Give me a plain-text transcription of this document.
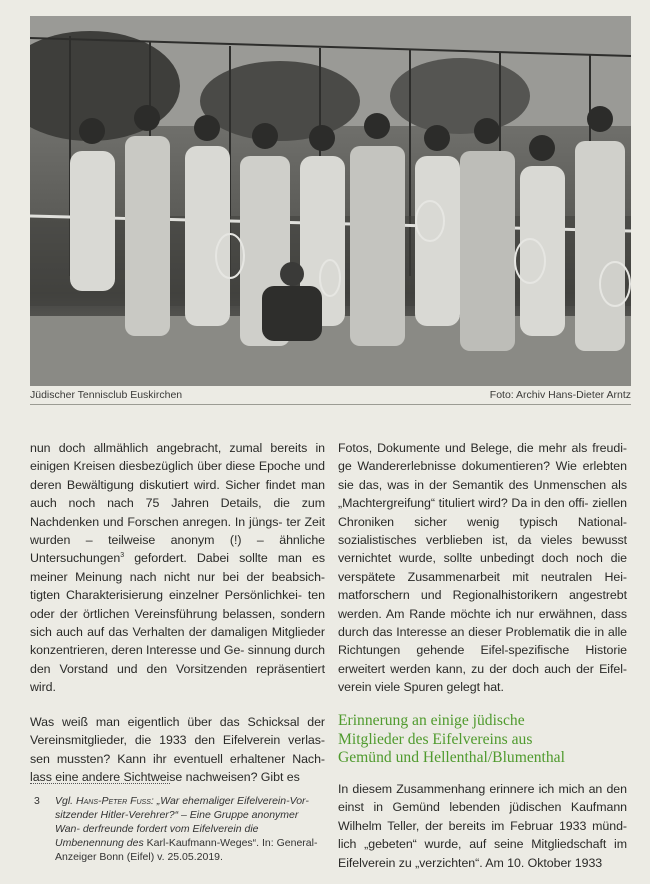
Jüdischer Tennisclub Euskirchen	Foto: Archiv Hans-Dieter Arntz

nun doch allmählich angebracht, zumal bereits in einigen Kreisen diesbezüglich über diese Epoche und deren Bewältigung diskutiert wird. Sicher findet man auch noch nach 75 Jahren Details, die zum Nachdenken und Forschen anregen. In jüngs- ter Zeit wurden – teilweise anonym (!) – ähnliche Untersuchungen$^3$ gefordert. Dabei sollte man es meiner Meinung nach nicht nur bei der beabsich- tigten Charakterisierung einzelner Persönlichkei- ten oder der örtlichen Vereinsführung belassen, sondern sich auch auf das Verhalten der damaligen Mitglieder konzentrieren, deren Interesse und Ge- sinnung durch den Vorstand und den Vorsitzenden repräsentiert wird.

Was weiß man eigentlich über das Schicksal der Vereinsmitglieder, die 1933 den Eifelverein verlas- sen mussten? Kann ihr eventuell erhaltener Nach- lass eine andere Sichtweise nachweisen? Gibt es

3 Vgl. Hans-Peter Fuss: „War ehemaliger Eifelverein-Vor- sitzender Hitler-Verehrer?“ – Eine Gruppe anonymer Wan- derfreunde fordert vom Eifelverein die Umbenennung des Karl-Kaufmann-Weges“. In: General-Anzeiger Bonn (Eifel) v. 25.05.2019.

Fotos, Dokumente und Belege, die mehr als freudi- ge Wandererlebnisse dokumentieren? Wie erlebten sie das, was in der Semantik des Unmenschen als „Machtergreifung“ tituliert wird? Da in den offi- ziellen Chroniken sicher wenig typisch National- sozialistisches verblieben ist, da vieles bewusst vernichtet wurde, sollte unbedingt doch noch die verspätete Zusammenarbeit mit neutralen Hei- matforschern und Regionalhistorikern angestrebt werden. Am Rande möchte ich nur erwähnen, dass durch das Interesse an dieser Problematik die in alle Richtungen gehende Eifel-spezifische Historie erweitert werden kann, zu der doch auch der Eifel- verein viele Spuren gelegt hat.

Erinnerung an einige jüdische
Mitglieder des Eifelvereins aus
Gemünd und Hellenthal/Blumenthal

In diesem Zusammenhang erinnere ich mich an den einst in Gemünd lebenden jüdischen Kaufmann Wilhelm Teller, der bereits im Februar 1933 münd- lich „gebeten“ wurde, auf seine Mitgliedschaft im Eifelverein zu „verzichten“. Am 10. Oktober 1933
